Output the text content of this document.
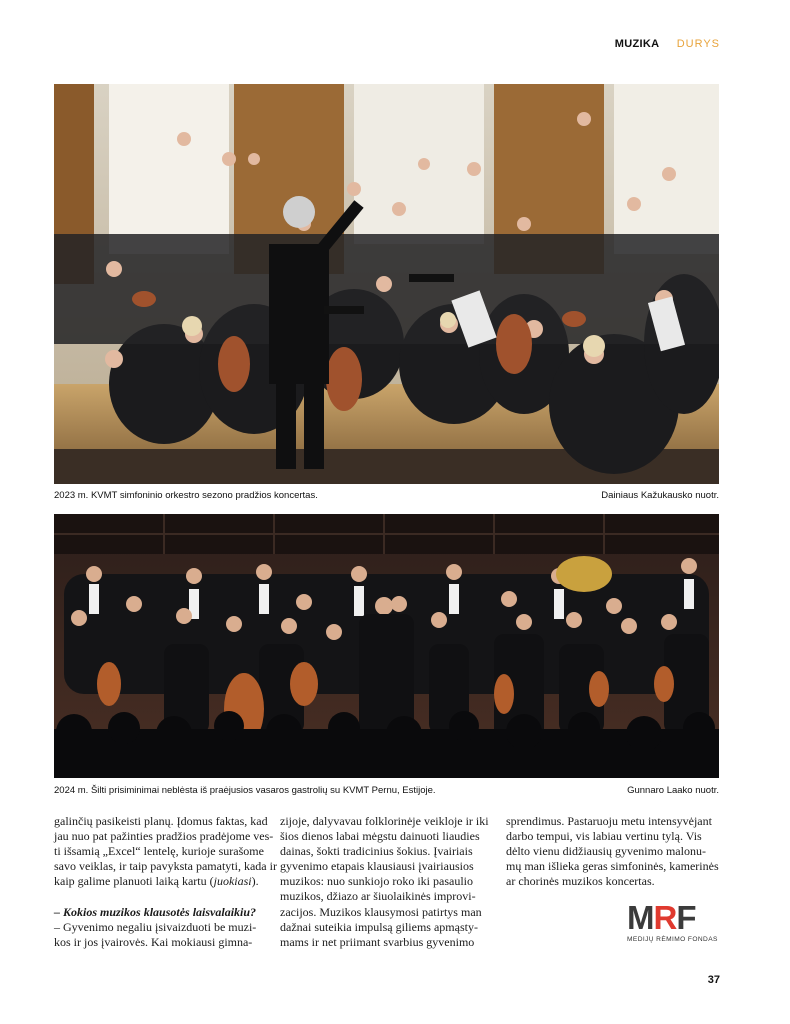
MUZIKA DURYS
2023 m. KVMT simfoninio orkestro sezono pradžios koncertas.	Dainiaus Kažukausko nuotr.
2024 m. Šilti prisiminimai neblėsta iš praėjusios vasaros gastrolių su KVMT Pernu, Estijoje.	Gunnaro Laako nuotr.

galinčių pasikeisti planų. Įdomus faktas, kad

jau nuo pat pažinties pradžios pradėjome ves-

ti išsamią „Excel“ lentelę, kurioje surašome

savo veiklas, ir taip pavyksta pamatyti, kada ir

kaip galime planuoti laiką kartu (juokiasi).

– Kokios muzikos klausotės laisvalaikiu?

– Gyvenimo negaliu įsivaizduoti be muzi-

kos ir jos įvairovės. Kai mokiausi gimna-

zijoje, dalyvavau folklorinėje veikloje ir iki

šios dienos labai mėgstu dainuoti liaudies

dainas, šokti tradicinius šokius. Įvairiais

gyvenimo etapais klausiausi įvairiausios

muzikos: nuo sunkiojo roko iki pasaulio

muzikos, džiazo ar šiuolaikinės improvi-

zacijos. Muzikos klausymosi patirtys man

dažnai suteikia impulsą giliems apmąsty-

mams ir net priimant svarbius gyvenimo

sprendimus. Pastaruoju metu intensyvėjant

darbo tempui, vis labiau vertinu tylą. Vis

dėlto vienu didžiausių gyvenimo malonu-

mų man išlieka geras simfoninės, kamerinės

ar chorinės muzikos koncertas.

MRF
MEDIJŲ RĖMIMO FONDAS
37
